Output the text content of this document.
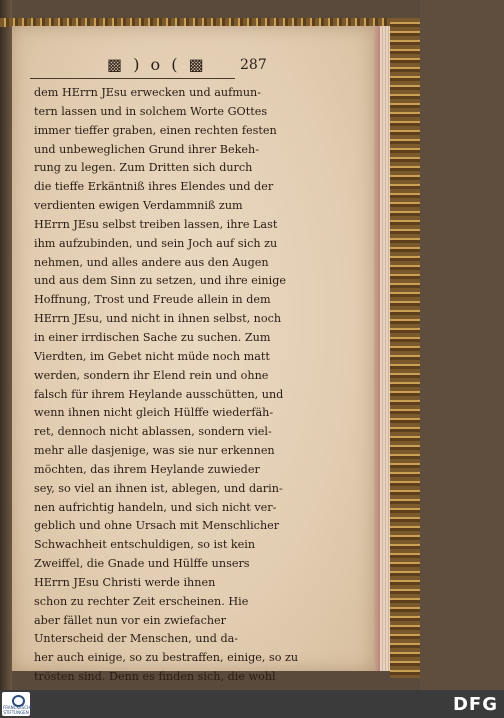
▩ ) o ( ▩ 287
dem HErrn JEsu erwecken und aufmun-
tern lassen und in solchem Worte GOttes
immer tieffer graben, einen rechten festen
und unbeweglichen Grund ihrer Bekeh-
rung zu legen. Zum Dritten sich durch
die tieffe Erkäntniß ihres Elendes und der
verdienten ewigen Verdammniß zum
HErrn JEsu selbst treiben lassen, ihre Last
ihm aufzubinden, und sein Joch auf sich zu
nehmen, und alles andere aus den Augen
und aus dem Sinn zu setzen, und ihre einige
Hoffnung, Trost und Freude allein in dem
HErrn JEsu, und nicht in ihnen selbst, noch
in einer irrdischen Sache zu suchen. Zum
Vierdten, im Gebet nicht müde noch matt
werden, sondern ihr Elend rein und ohne
falsch für ihrem Heylande ausschütten, und
wenn ihnen nicht gleich Hülffe wiederfäh-
ret, dennoch nicht ablassen, sondern viel-
mehr alle dasjenige, was sie nur erkennen
möchten, das ihrem Heylande zuwieder
sey, so viel an ihnen ist, ablegen, und darin-
nen aufrichtig handeln, und sich nicht ver-
geblich und ohne Ursach mit Menschlicher
Schwachheit entschuldigen, so ist kein
Zweiffel, die Gnade und Hülffe unsers
HErrn JEsu Christi werde ihnen
schon zu rechter Zeit erscheinen. Hie
aber fället nun vor ein zwiefacher
Unterscheid der Menschen, und da-
her auch einige, so zu bestraffen, einige, so zu
trösten sind. Denn es finden sich, die wohl
FRANCKESCHE STIFTUNGEN	DFG
